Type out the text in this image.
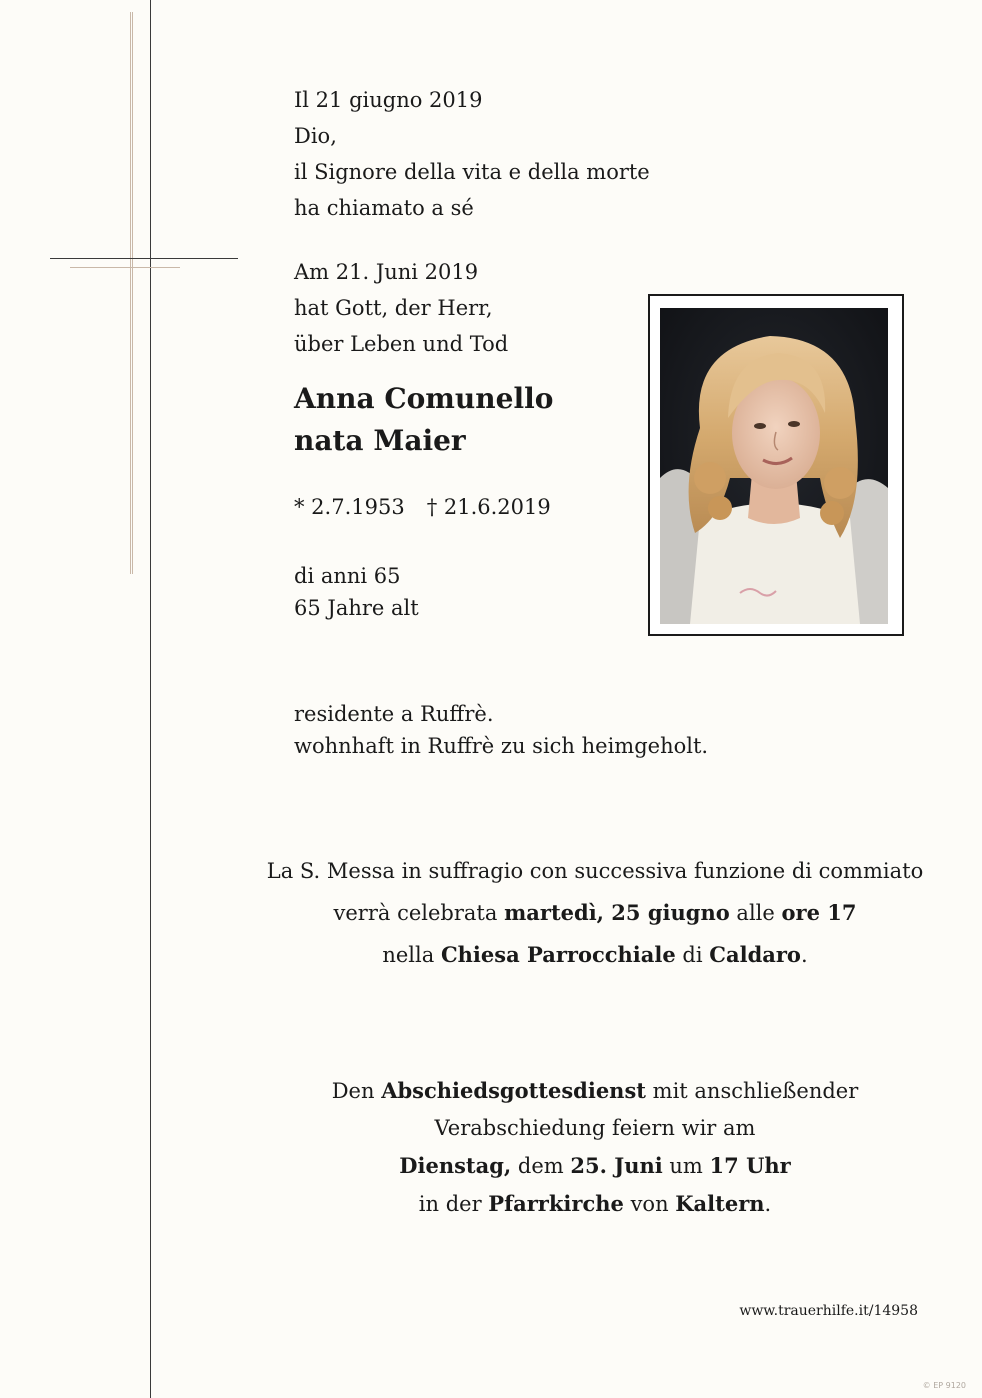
Il 21 giugno 2019
Dio,
il Signore della vita e della morte
ha chiamato a sé
Am 21. Juni 2019
hat Gott, der Herr,
über Leben und Tod
Anna Comunello
nata Maier
* 2.7.1953 † 21.6.2019
di anni 65
65 Jahre alt
residente a Ruffrè.
wohnhaft in Ruffrè zu sich heimgeholt.
La S. Messa in suffragio con successiva funzione di commiato
verrà celebrata martedì, 25 giugno alle ore 17
nella Chiesa Parrocchiale di Caldaro.
Den Abschiedsgottesdienst mit anschließender
Verabschiedung feiern wir am
Dienstag, dem 25. Juni um 17 Uhr
in der Pfarrkirche von Kaltern.
www.trauerhilfe.it/14958
© EP 9120
